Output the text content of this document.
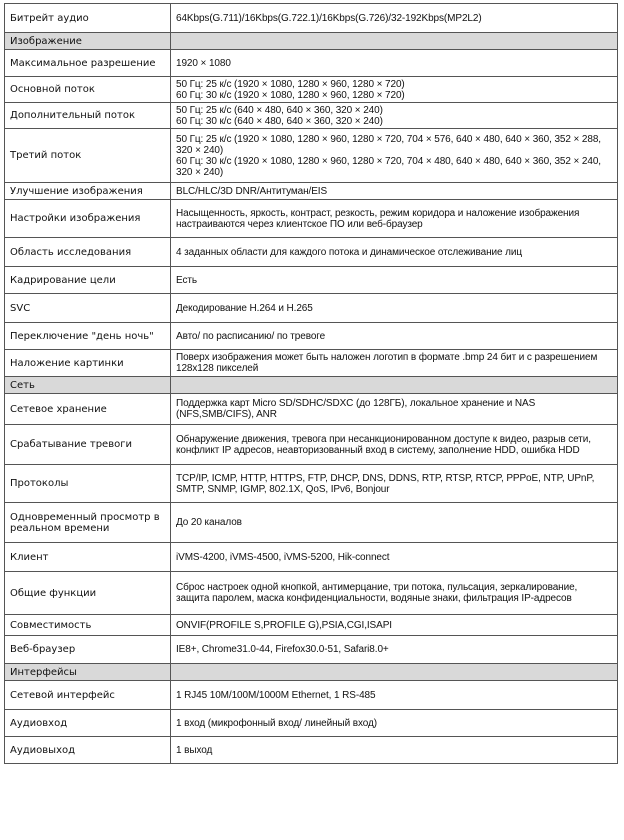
Битрейт аудио	64Kbps(G.711)/16Kbps(G.722.1)/16Kbps(G.726)/32-192Kbps(MP2L2)
Изображение	
Максимальное разрешение	1920 × 1080
Основной поток	50 Гц: 25 к/с (1920 × 1080, 1280 × 960, 1280 × 720)
60 Гц: 30 к/с (1920 × 1080, 1280 × 960, 1280 × 720)
Дополнительный поток	50 Гц: 25 к/с (640 × 480, 640 × 360, 320 × 240)
60 Гц: 30 к/с (640 × 480, 640 × 360, 320 × 240)
Третий поток	50 Гц: 25 к/с (1920 × 1080, 1280 × 960, 1280 × 720, 704 × 576, 640 × 480, 640 × 360, 352 × 288, 320 × 240)
60 Гц: 30 к/с (1920 × 1080, 1280 × 960, 1280 × 720, 704 × 480, 640 × 480, 640 × 360, 352 × 240, 320 × 240)
Улучшение изображения	BLC/HLC/3D DNR/Антитуман/EIS
Настройки изображения	Насыщенность, яркость, контраст, резкость, режим коридора и наложение изображения настраиваются через клиентское ПО или веб-браузер
Область исследования	4 заданных области для каждого потока и динамическое отслеживание лиц
Кадрирование цели	Есть
SVC	Декодирование H.264 и H.265
Переключение "день ночь"	Авто/ по расписанию/ по тревоге
Наложение картинки	Поверх изображения может быть наложен логотип в формате .bmp 24 бит и с разрешением 128x128 пикселей
Сеть	
Сетевое хранение	Поддержка карт Micro SD/SDHC/SDXC (до 128ГБ), локальное хранение и NAS (NFS,SMB/CIFS), ANR
Срабатывание тревоги	Обнаружение движения, тревога при несанкционированном доступе к видео, разрыв сети, конфликт IP адресов, неавторизованный вход в систему, заполнение HDD, ошибка HDD
Протоколы	TCP/IP, ICMP, HTTP, HTTPS, FTP, DHCP, DNS, DDNS, RTP, RTSP, RTCP, PPPoE, NTP, UPnP, SMTP, SNMP, IGMP, 802.1X, QoS, IPv6, Bonjour
Одновременный просмотр в реальном времени	До 20 каналов
Клиент	iVMS-4200, iVMS-4500, iVMS-5200, Hik-connect
Общие функции	Сброс настроек одной кнопкой, антимерцание, три потока, пульсация, зеркалирование, защита паролем, маска конфиденциальности, водяные знаки, фильтрация IP-адресов
Совместимость	ONVIF(PROFILE S,PROFILE G),PSIA,CGI,ISAPI
Веб-браузер	IE8+, Chrome31.0-44, Firefox30.0-51, Safari8.0+
Интерфейсы	
Сетевой интерфейс	1 RJ45 10M/100M/1000M Ethernet, 1 RS-485
Аудиовход	1 вход (микрофонный вход/ линейный вход)
Аудиовыход	1 выход
